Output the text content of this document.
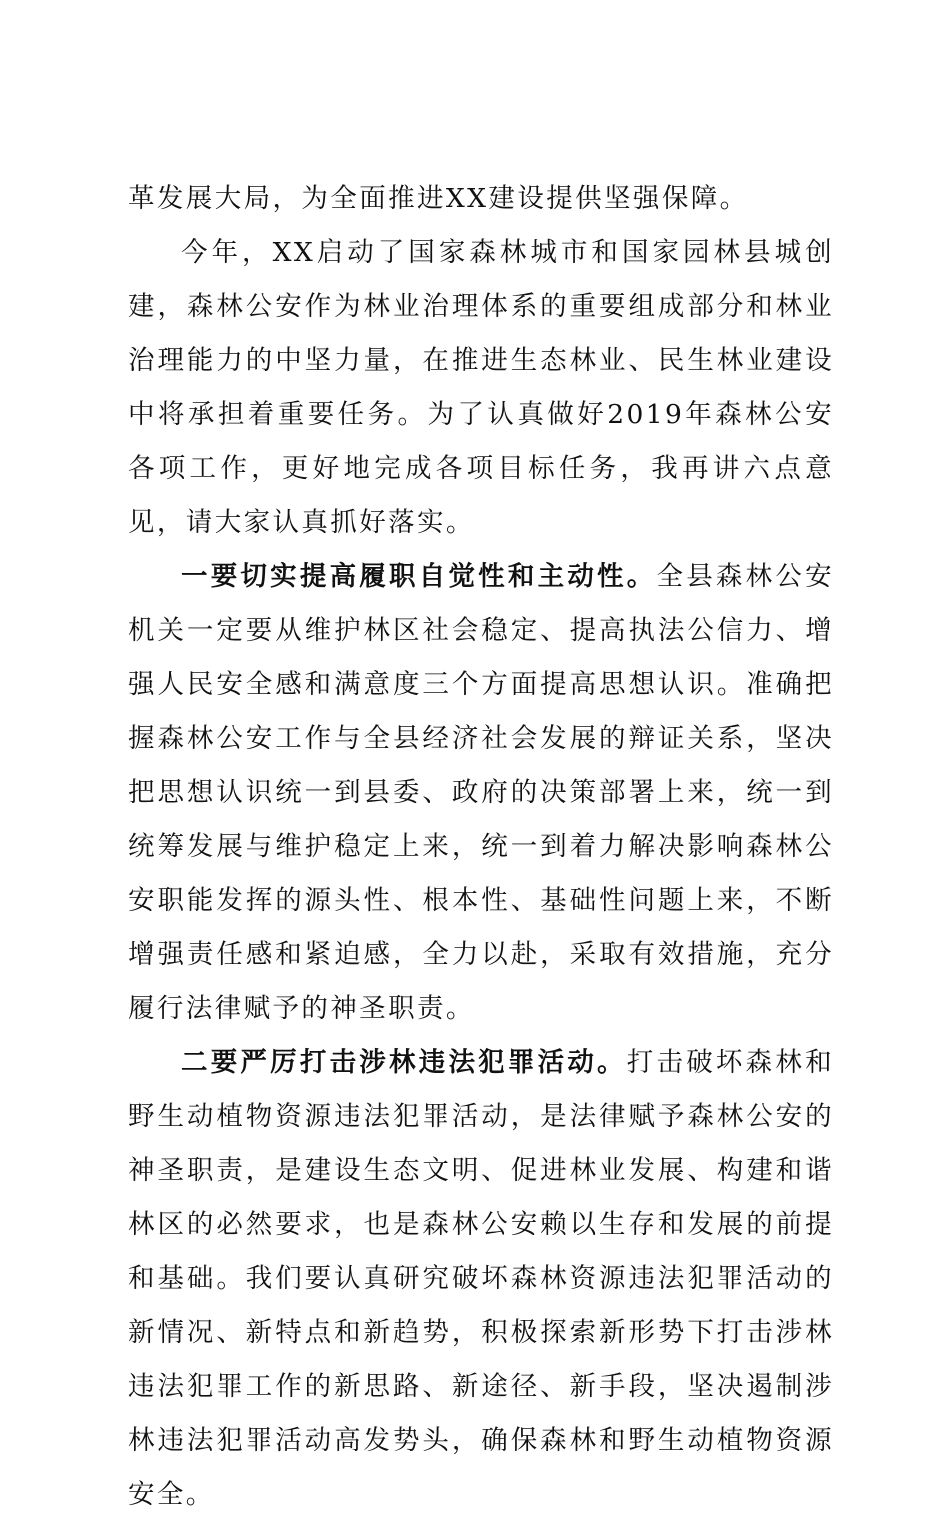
革发展大局，为全面推进XX建设提供坚强保障。

今年，XX启动了国家森林城市和国家园林县城创建，森林公安作为林业治理体系的重要组成部分和林业治理能力的中坚力量，在推进生态林业、民生林业建设中将承担着重要任务。为了认真做好2019年森林公安各项工作，更好地完成各项目标任务，我再讲六点意见，请大家认真抓好落实。

一要切实提高履职自觉性和主动性。全县森林公安机关一定要从维护林区社会稳定、提高执法公信力、增强人民安全感和满意度三个方面提高思想认识。准确把握森林公安工作与全县经济社会发展的辩证关系，坚决把思想认识统一到县委、政府的决策部署上来，统一到统筹发展与维护稳定上来，统一到着力解决影响森林公安职能发挥的源头性、根本性、基础性问题上来，不断增强责任感和紧迫感，全力以赴，采取有效措施，充分履行法律赋予的神圣职责。

二要严厉打击涉林违法犯罪活动。打击破坏森林和野生动植物资源违法犯罪活动，是法律赋予森林公安的神圣职责，是建设生态文明、促进林业发展、构建和谐林区的必然要求，也是森林公安赖以生存和发展的前提和基础。我们要认真研究破坏森林资源违法犯罪活动的新情况、新特点和新趋势，积极探索新形势下打击涉林违法犯罪工作的新思路、新途径、新手段，坚决遏制涉林违法犯罪活动高发势头，确保森林和野生动植物资源安全。
